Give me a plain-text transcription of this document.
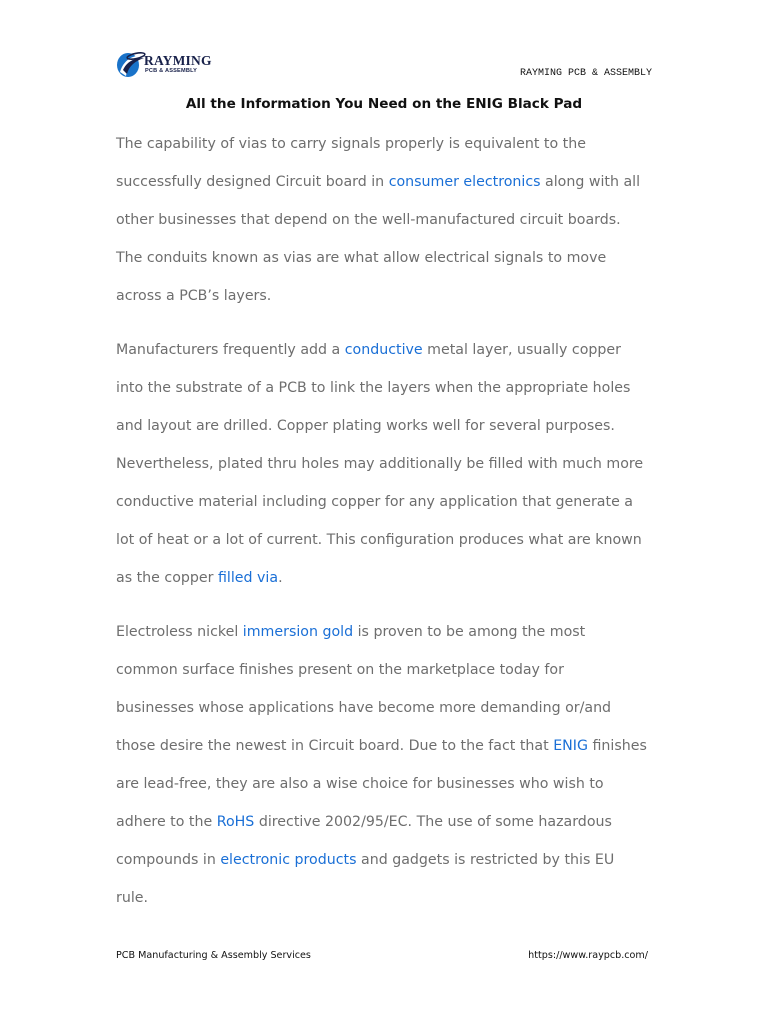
RAYMING
PCB & ASSEMBLY	RAYMING PCB & ASSEMBLY
All the Information You Need on the ENIG Black Pad
The capability of vias to carry signals properly is equivalent to the
successfully designed Circuit board in consumer electronics along with all
other businesses that depend on the well-manufactured circuit boards.
The conduits known as vias are what allow electrical signals to move
across a PCB’s layers.
Manufacturers frequently add a conductive metal layer, usually copper
into the substrate of a PCB to link the layers when the appropriate holes
and layout are drilled. Copper plating works well for several purposes.
Nevertheless, plated thru holes may additionally be filled with much more
conductive material including copper for any application that generate a
lot of heat or a lot of current. This configuration produces what are known
as the copper filled via.
Electroless nickel immersion gold is proven to be among the most
common surface finishes present on the marketplace today for
businesses whose applications have become more demanding or/and
those desire the newest in Circuit board. Due to the fact that ENIG finishes
are lead-free, they are also a wise choice for businesses who wish to
adhere to the RoHS directive 2002/95/EC. The use of some hazardous
compounds in electronic products and gadgets is restricted by this EU
rule.
PCB Manufacturing & Assembly Services	https://www.raypcb.com/
